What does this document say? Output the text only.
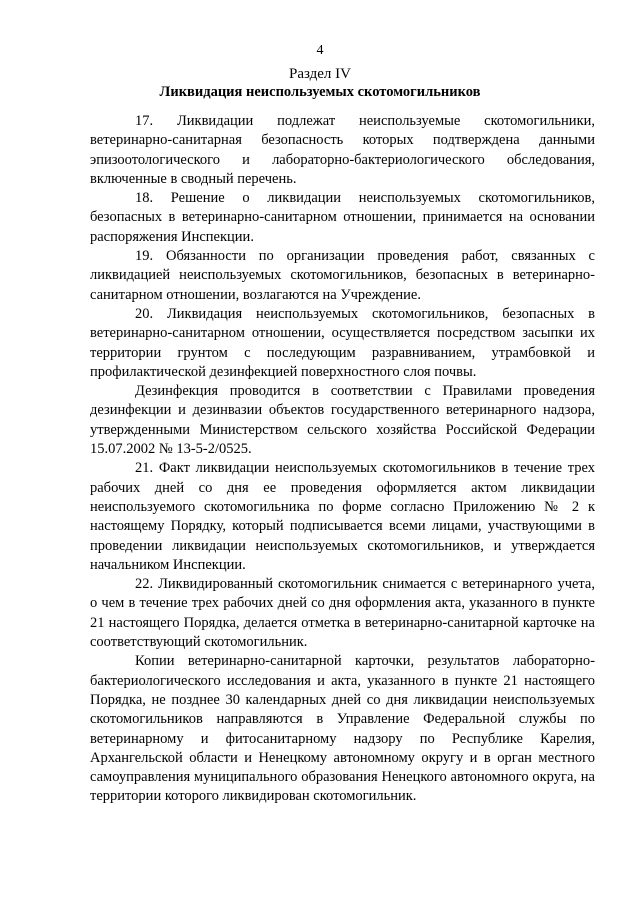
4
Раздел IV
Ликвидация неиспользуемых скотомогильников

17. Ликвидации подлежат неиспользуемые скотомогильники, ветеринарно-санитарная безопасность которых подтверждена данными эпизоотологического и лабораторно-бактериологического обследования, включенные в сводный перечень.

18. Решение о ликвидации неиспользуемых скотомогильников, безопасных в ветеринарно-санитарном отношении, принимается на основании распоряжения Инспекции.

19. Обязанности по организации проведения работ, связанных с ликвидацией неиспользуемых скотомогильников, безопасных в ветеринарно-санитарном отношении, возлагаются на Учреждение.

20. Ликвидация неиспользуемых скотомогильников, безопасных в ветеринарно-санитарном отношении, осуществляется посредством засыпки их территории грунтом с последующим разравниванием, утрамбовкой и профилактической дезинфекцией поверхностного слоя почвы.

Дезинфекция проводится в соответствии с Правилами проведения дезинфекции и дезинвазии объектов государственного ветеринарного надзора, утвержденными Министерством сельского хозяйства Российской Федерации 15.07.2002 № 13-5-2/0525.

21. Факт ликвидации неиспользуемых скотомогильников в течение трех рабочих дней со дня ее проведения оформляется актом ликвидации неиспользуемого скотомогильника по форме согласно Приложению № 2 к настоящему Порядку, который подписывается всеми лицами, участвующими в проведении ликвидации неиспользуемых скотомогильников, и утверждается начальником Инспекции.

22. Ликвидированный скотомогильник снимается с ветеринарного учета, о чем в течение трех рабочих дней со дня оформления акта, указанного в пункте 21 настоящего Порядка, делается отметка в ветеринарно-санитарной карточке на соответствующий скотомогильник.

Копии ветеринарно-санитарной карточки, результатов лабораторно-бактериологического исследования и акта, указанного в пункте 21 настоящего Порядка, не позднее 30 календарных дней со дня ликвидации неиспользуемых скотомогильников направляются в Управление Федеральной службы по ветеринарному и фитосанитарному надзору по Республике Карелия, Архангельской области и Ненецкому автономному округу и в орган местного самоуправления муниципального образования Ненецкого автономного округа, на территории которого ликвидирован скотомогильник.
